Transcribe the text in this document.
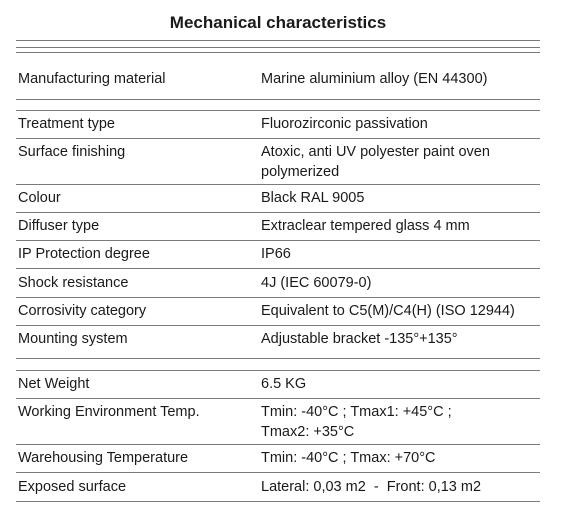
Mechanical characteristics
Manufacturing material	Marine aluminium alloy (EN 44300)
Treatment type	Fluorozirconic passivation
Surface finishing	Atoxic, anti UV polyester paint oven polymerized
Colour	Black RAL 9005
Diffuser type	Extraclear tempered glass 4 mm
IP Protection degree	IP66
Shock resistance	4J (IEC 60079-0)
Corrosivity category	Equivalent to C5(M)/C4(H) (ISO 12944)
Mounting system	Adjustable bracket -135°+135°
Net Weight	6.5 KG
Working Environment Temp.	Tmin: -40°C ; Tmax1: +45°C ; Tmax2: +35°C
Warehousing Temperature	Tmin: -40°C ; Tmax: +70°C
Exposed surface	Lateral: 0,03 m2  -  Front: 0,13 m2
